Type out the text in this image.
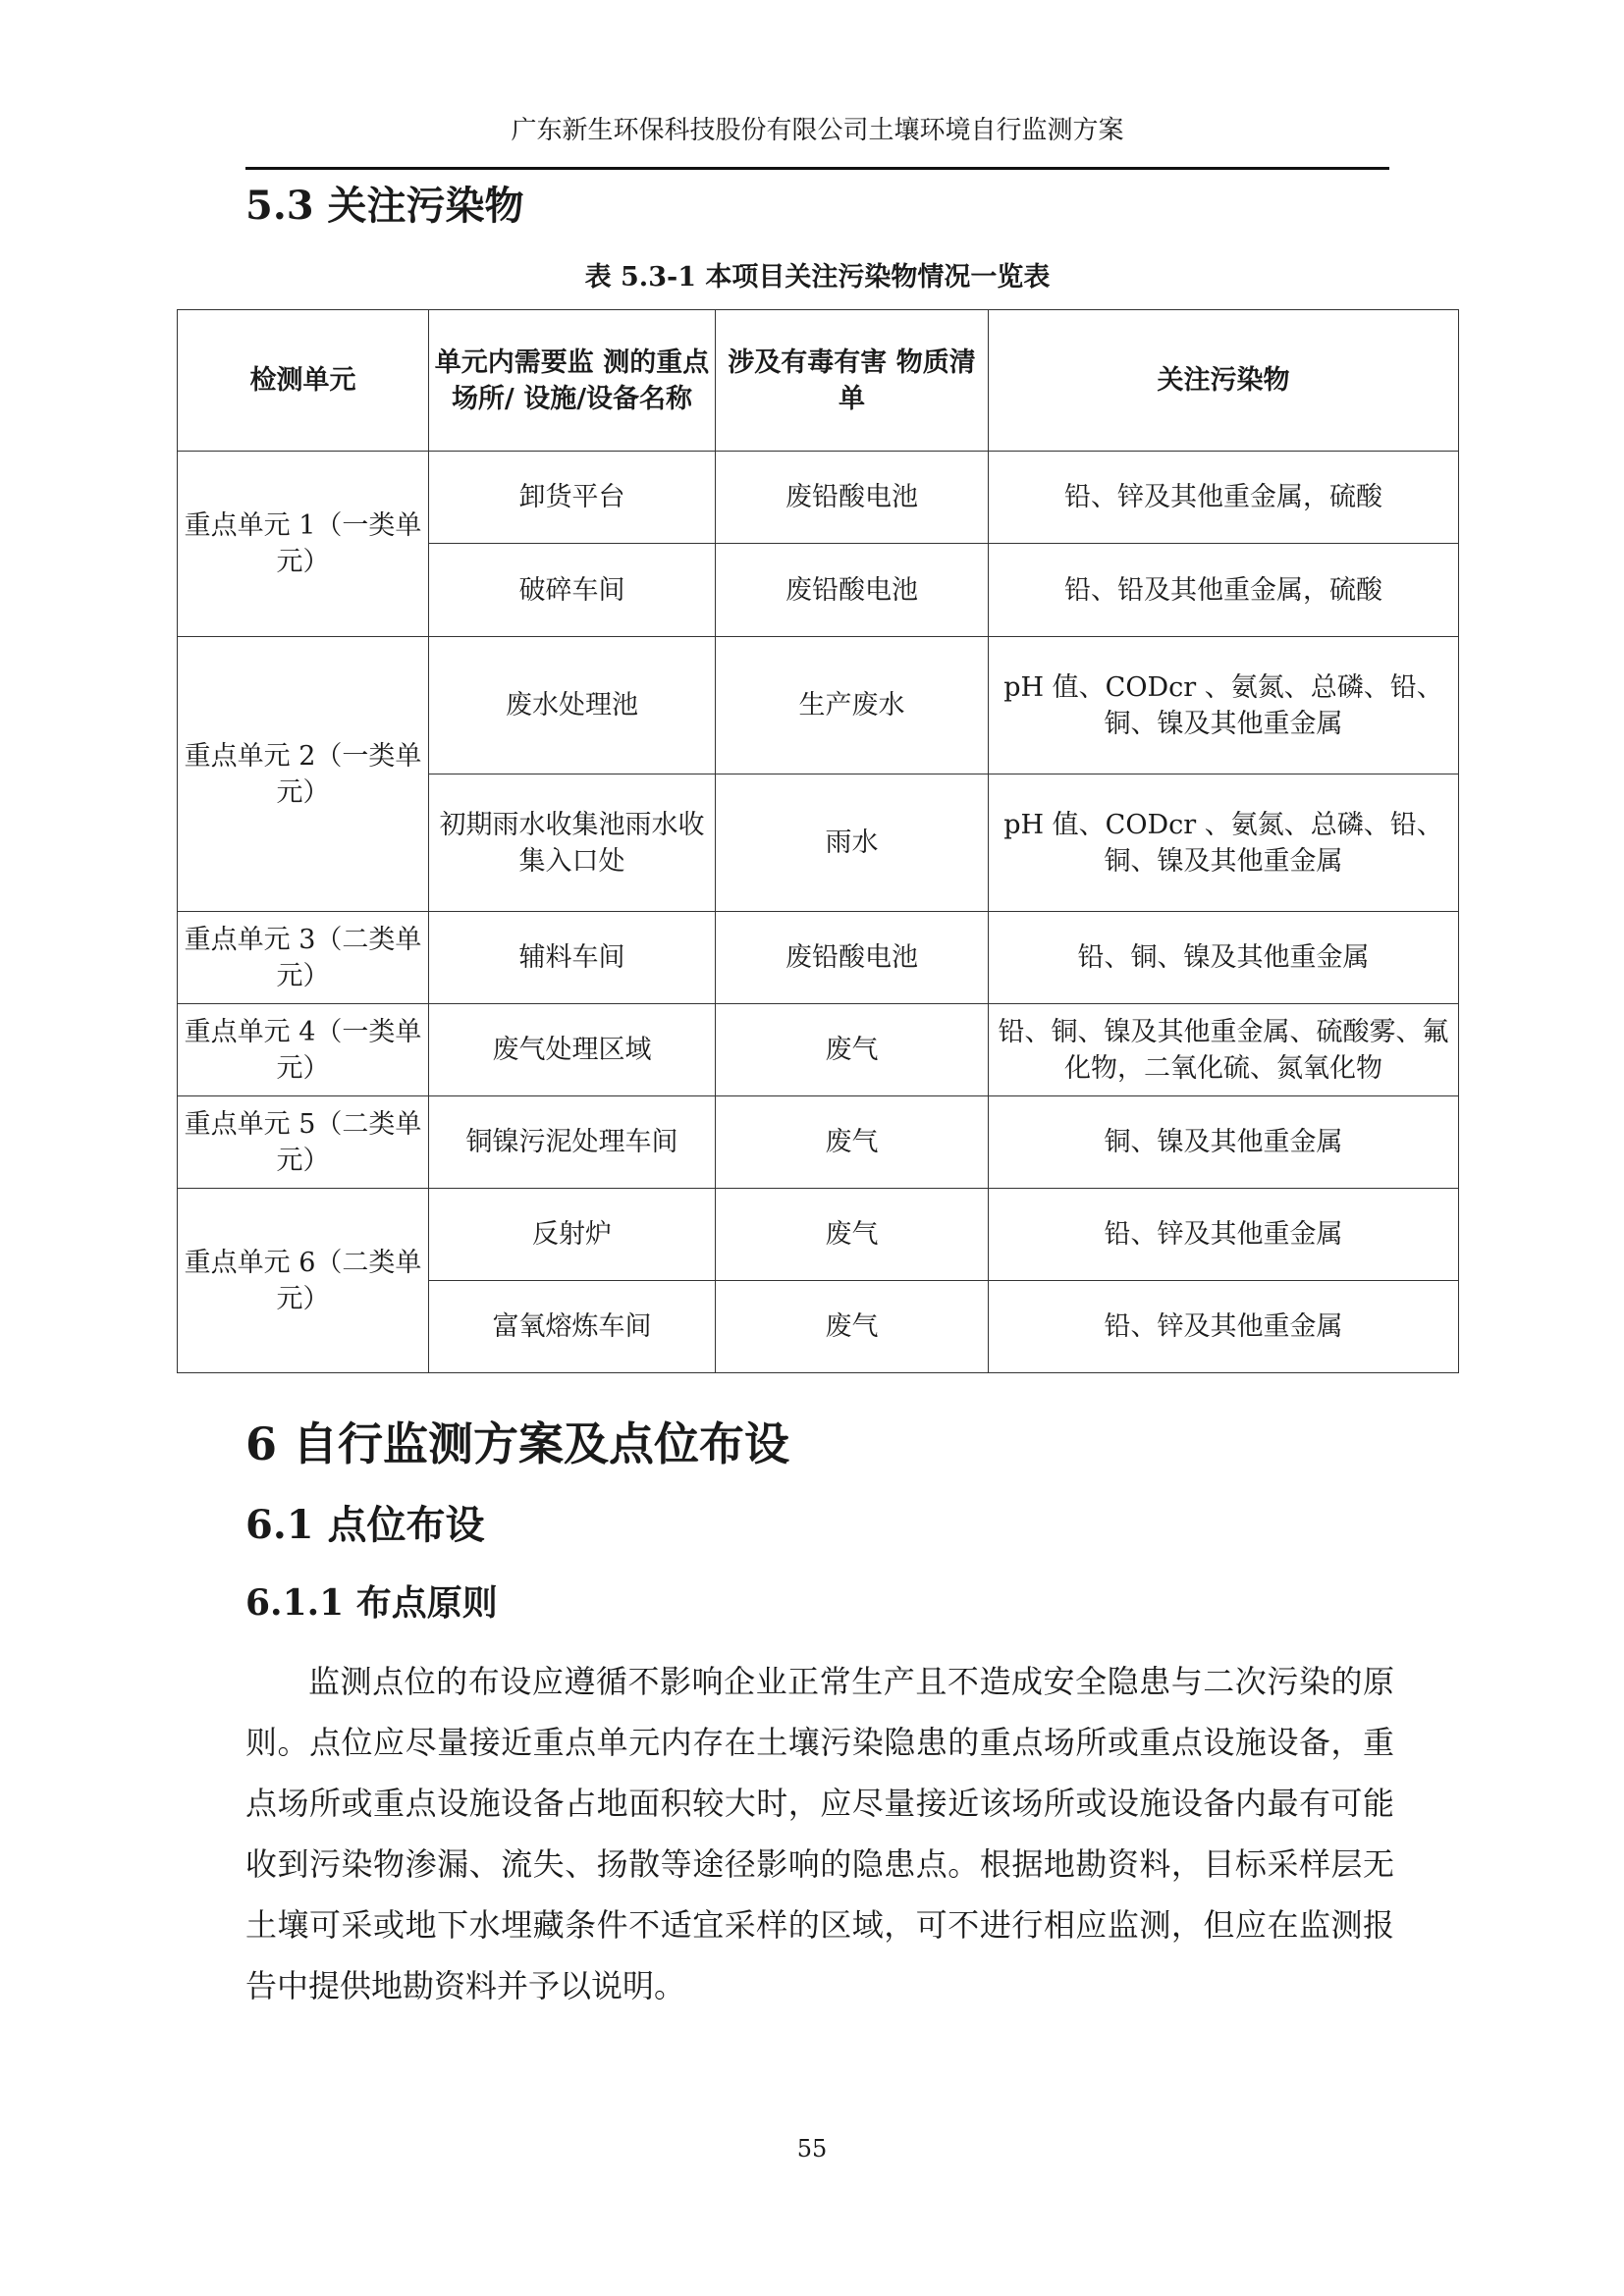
广东新生环保科技股份有限公司土壤环境自行监测方案
5.3 关注污染物
表 5.3-1 本项目关注污染物情况一览表
检测单元	单元内需要监 测的重点场所/ 设施/设备名称	涉及有毒有害 物质清单	关注污染物
重点单元 1（一类单元）	卸货平台	废铅酸电池	铅、锌及其他重金属，硫酸
	破碎车间	废铅酸电池	铅、铅及其他重金属，硫酸
重点单元 2（一类单元）	废水处理池	生产废水	pH 值、CODcr 、氨氮、总磷、铅、铜、镍及其他重金属
	初期雨水收集池雨水收集入口处	雨水	pH 值、CODcr 、氨氮、总磷、铅、铜、镍及其他重金属
重点单元 3（二类单元）	辅料车间	废铅酸电池	铅、铜、镍及其他重金属
重点单元 4（一类单元）	废气处理区域	废气	铅、铜、镍及其他重金属、硫酸雾、氟化物，二氧化硫、氮氧化物
重点单元 5（二类单元）	铜镍污泥处理车间	废气	铜、镍及其他重金属
重点单元 6（二类单元）	反射炉	废气	铅、锌及其他重金属
	富氧熔炼车间	废气	铅、锌及其他重金属
6 自行监测方案及点位布设
6.1 点位布设
6.1.1 布点原则
监测点位的布设应遵循不影响企业正常生产且不造成安全隐患与二次污染的原则。点位应尽量接近重点单元内存在土壤污染隐患的重点场所或重点设施设备，重点场所或重点设施设备占地面积较大时，应尽量接近该场所或设施设备内最有可能收到污染物渗漏、流失、扬散等途径影响的隐患点。根据地勘资料，目标采样层无土壤可采或地下水埋藏条件不适宜采样的区域，可不进行相应监测，但应在监测报告中提供地勘资料并予以说明。
55
